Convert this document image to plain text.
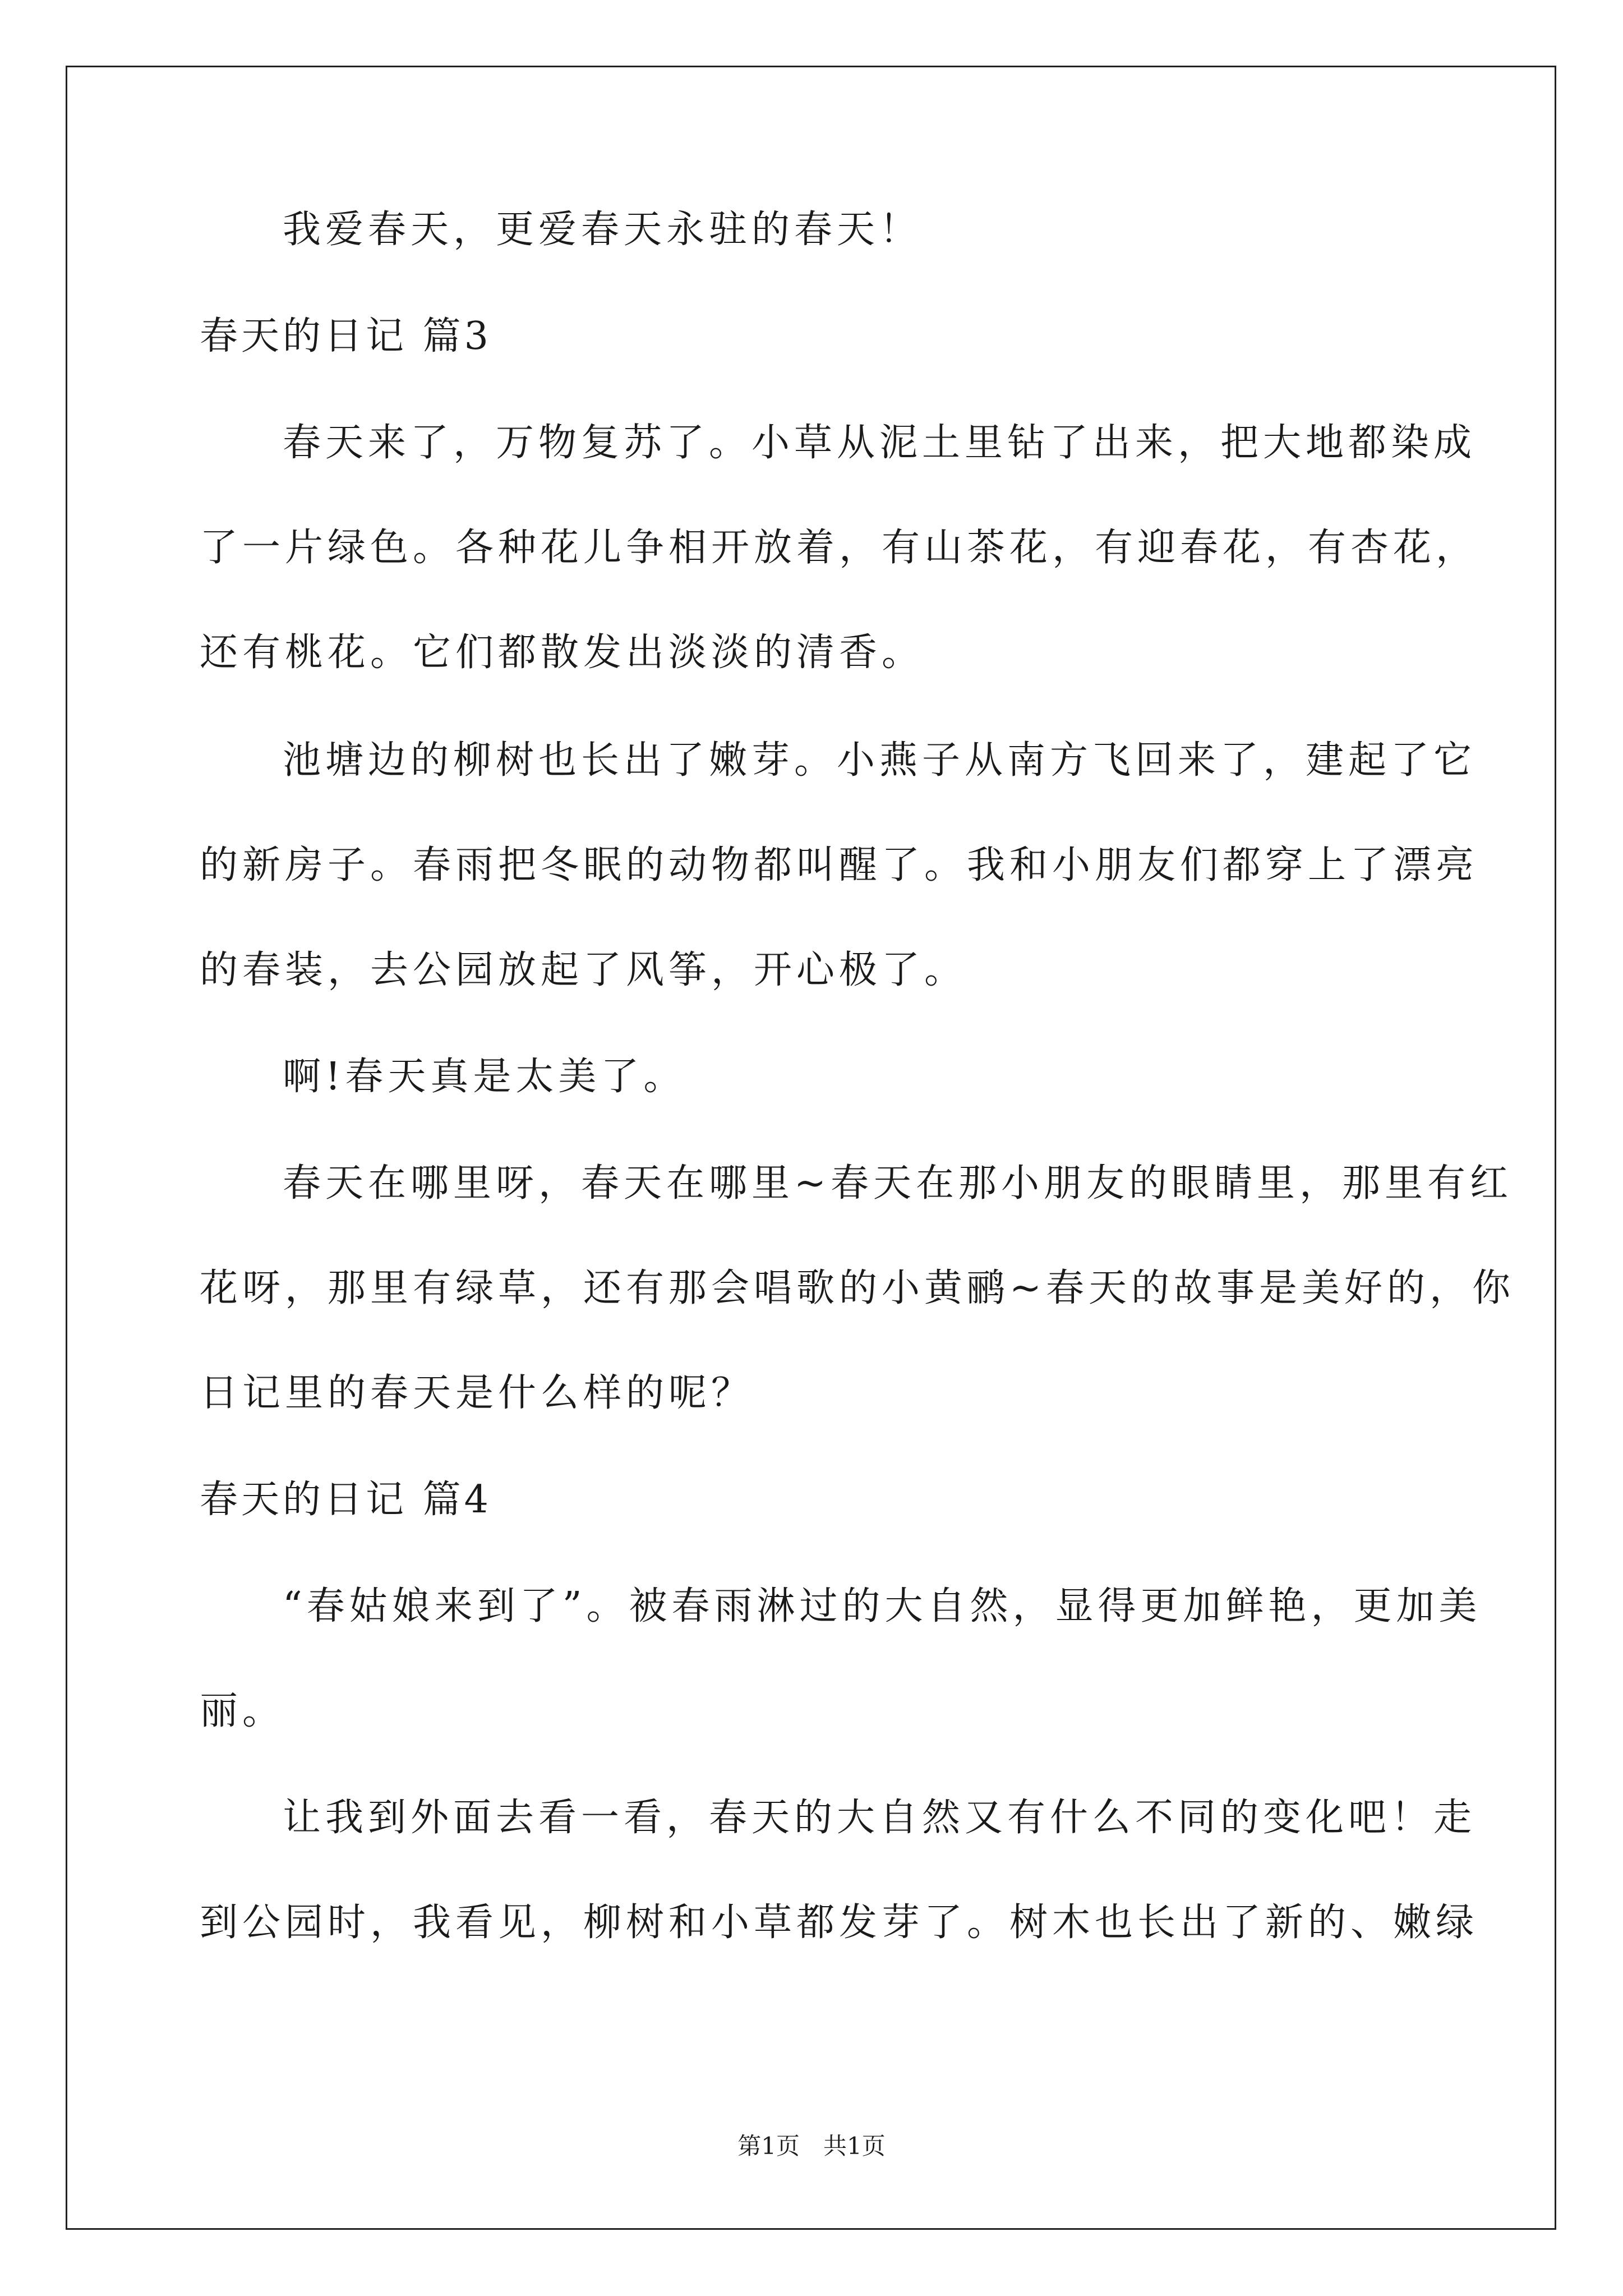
我爱春天，更爱春天永驻的春天！
春天的日记 篇3
春天来了，万物复苏了。小草从泥土里钻了出来，把大地都染成
了一片绿色。各种花儿争相开放着，有山茶花，有迎春花，有杏花，
还有桃花。它们都散发出淡淡的清香。
池塘边的柳树也长出了嫩芽。小燕子从南方飞回来了，建起了它
的新房子。春雨把冬眠的动物都叫醒了。我和小朋友们都穿上了漂亮
的春装，去公园放起了风筝，开心极了。
啊!春天真是太美了。
春天在哪里呀，春天在哪里~春天在那小朋友的眼睛里，那里有红
花呀，那里有绿草，还有那会唱歌的小黄鹂~春天的故事是美好的，你
日记里的春天是什么样的呢？
春天的日记 篇4
“春姑娘来到了”。被春雨淋过的大自然，显得更加鲜艳，更加美
丽。
让我到外面去看一看，春天的大自然又有什么不同的变化吧！走
到公园时，我看见，柳树和小草都发芽了。树木也长出了新的、嫩绿
第1页　共1页
